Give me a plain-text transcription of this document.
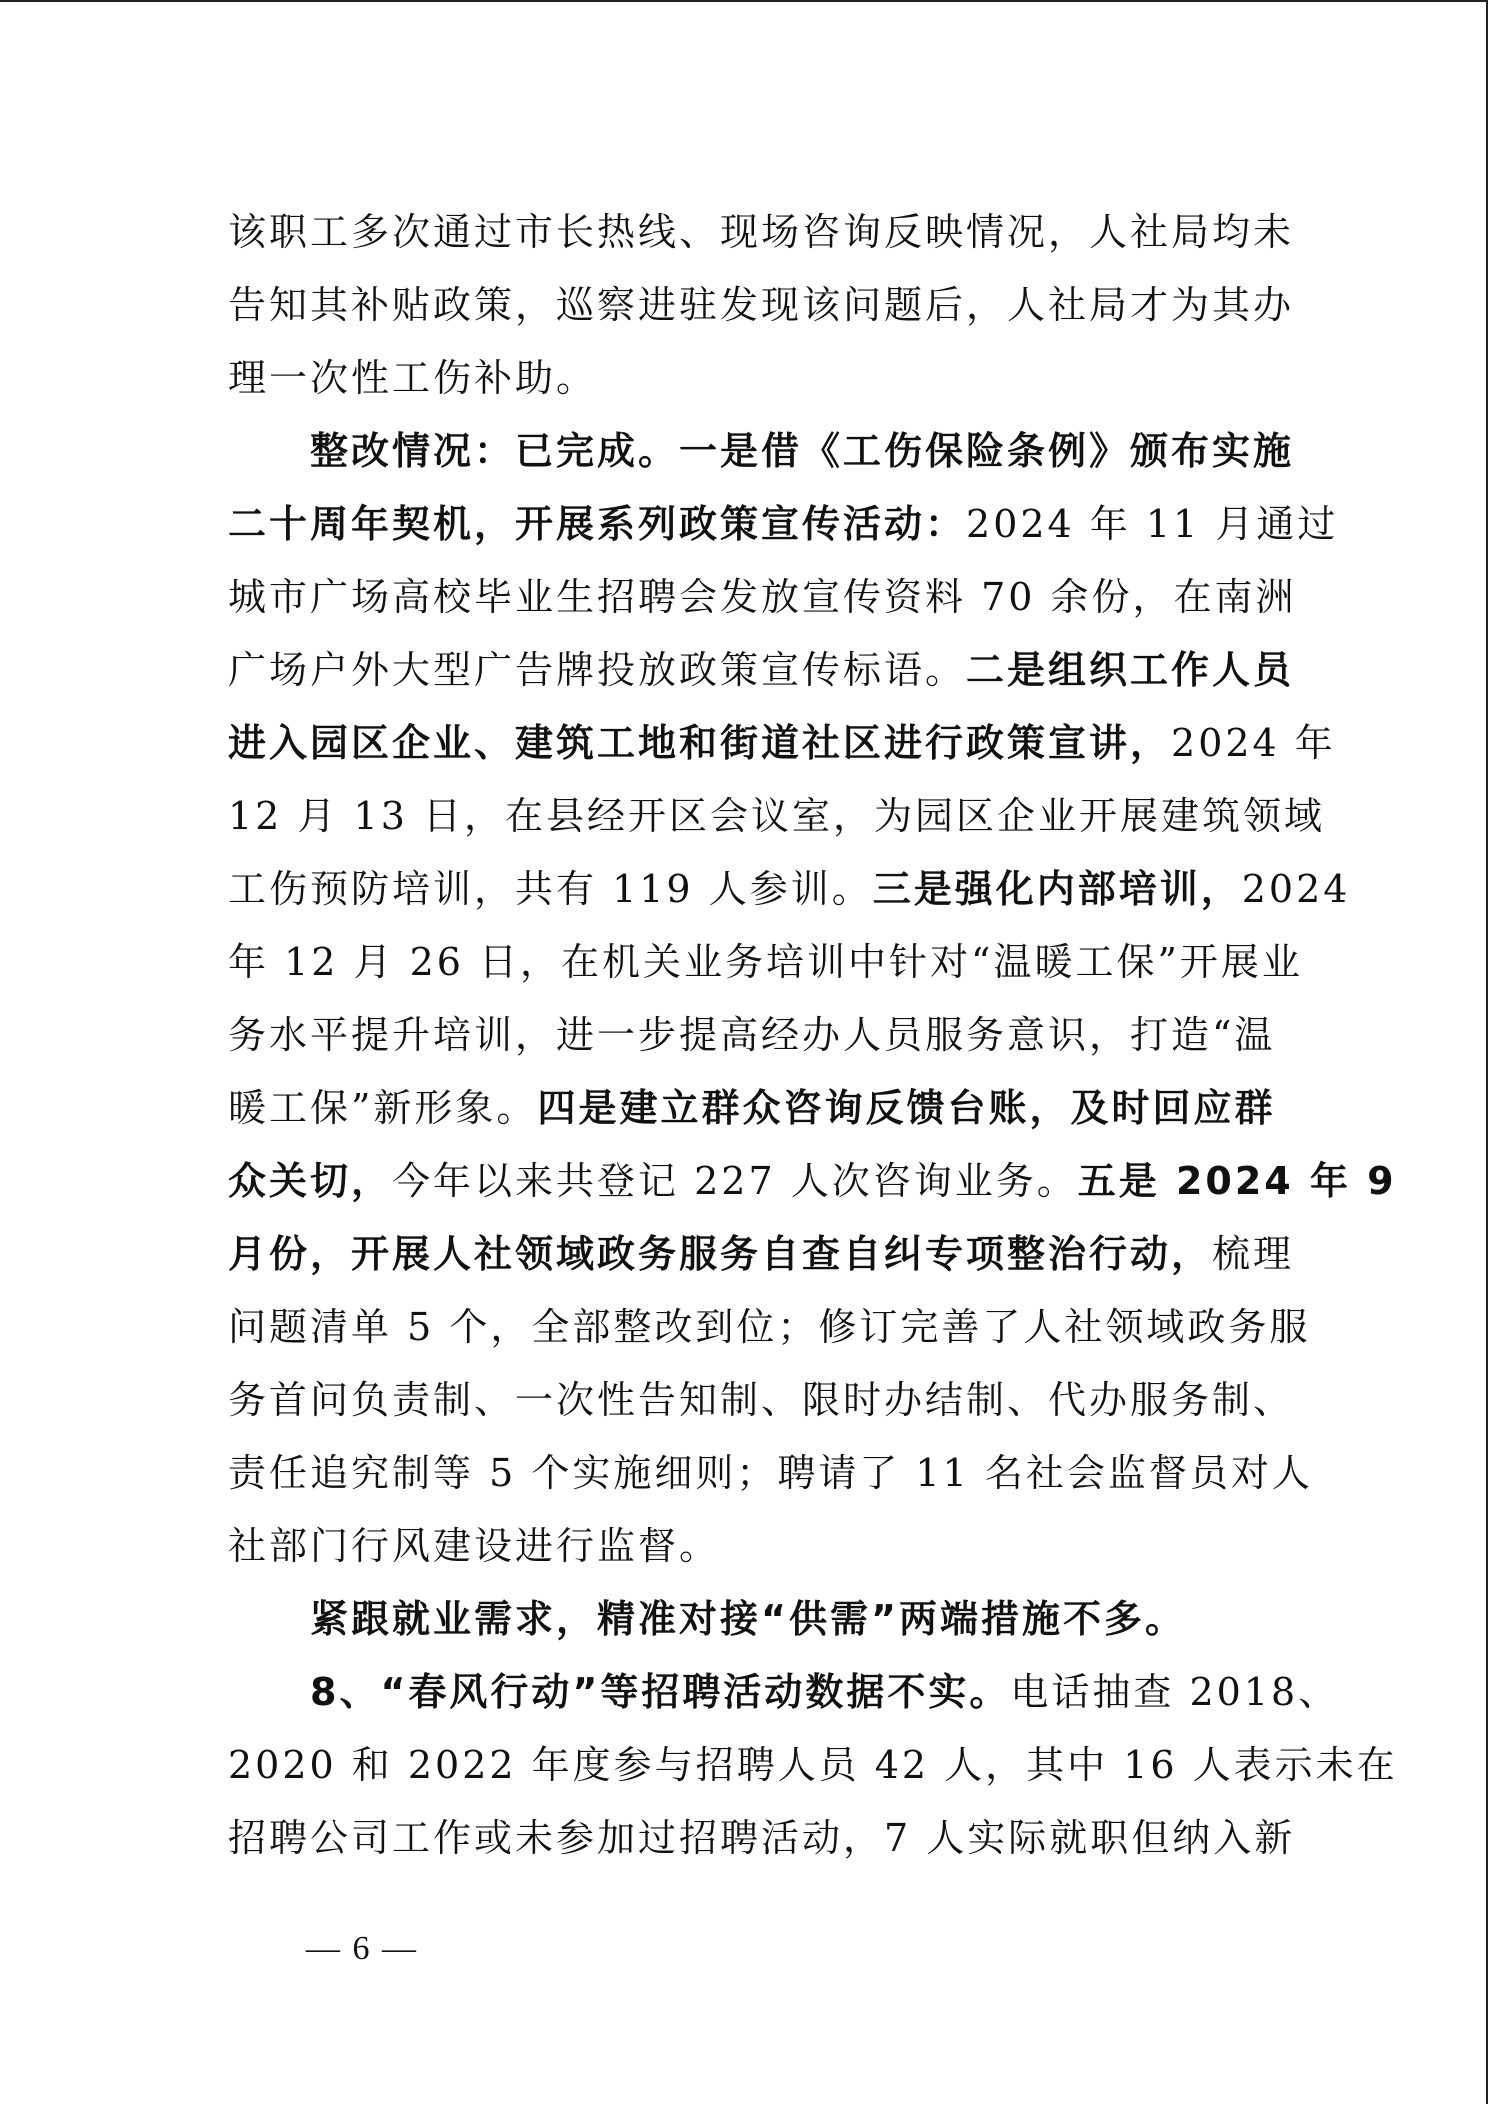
该职工多次通过市长热线、现场咨询反映情况，人社局均未
告知其补贴政策，巡察进驻发现该问题后，人社局才为其办
理一次性工伤补助。
整改情况：已完成。一是借《工伤保险条例》颁布实施
二十周年契机，开展系列政策宣传活动：2024 年 11 月通过
城市广场高校毕业生招聘会发放宣传资料 70 余份，在南洲
广场户外大型广告牌投放政策宣传标语。二是组织工作人员
进入园区企业、建筑工地和街道社区进行政策宣讲，2024 年
12 月 13 日，在县经开区会议室，为园区企业开展建筑领域
工伤预防培训，共有 119 人参训。三是强化内部培训，2024
年 12 月 26 日，在机关业务培训中针对“温暖工保”开展业
务水平提升培训，进一步提高经办人员服务意识，打造“温
暖工保”新形象。四是建立群众咨询反馈台账，及时回应群
众关切，今年以来共登记 227 人次咨询业务。五是 2024 年 9
月份，开展人社领域政务服务自查自纠专项整治行动，梳理
问题清单 5 个，全部整改到位；修订完善了人社领域政务服
务首问负责制、一次性告知制、限时办结制、代办服务制、
责任追究制等 5 个实施细则；聘请了 11 名社会监督员对人
社部门行风建设进行监督。
紧跟就业需求，精准对接“供需”两端措施不多。
8、“春风行动”等招聘活动数据不实。电话抽查 2018、
2020 和 2022 年度参与招聘人员 42 人，其中 16 人表示未在
招聘公司工作或未参加过招聘活动，7 人实际就职但纳入新
— 6 —
